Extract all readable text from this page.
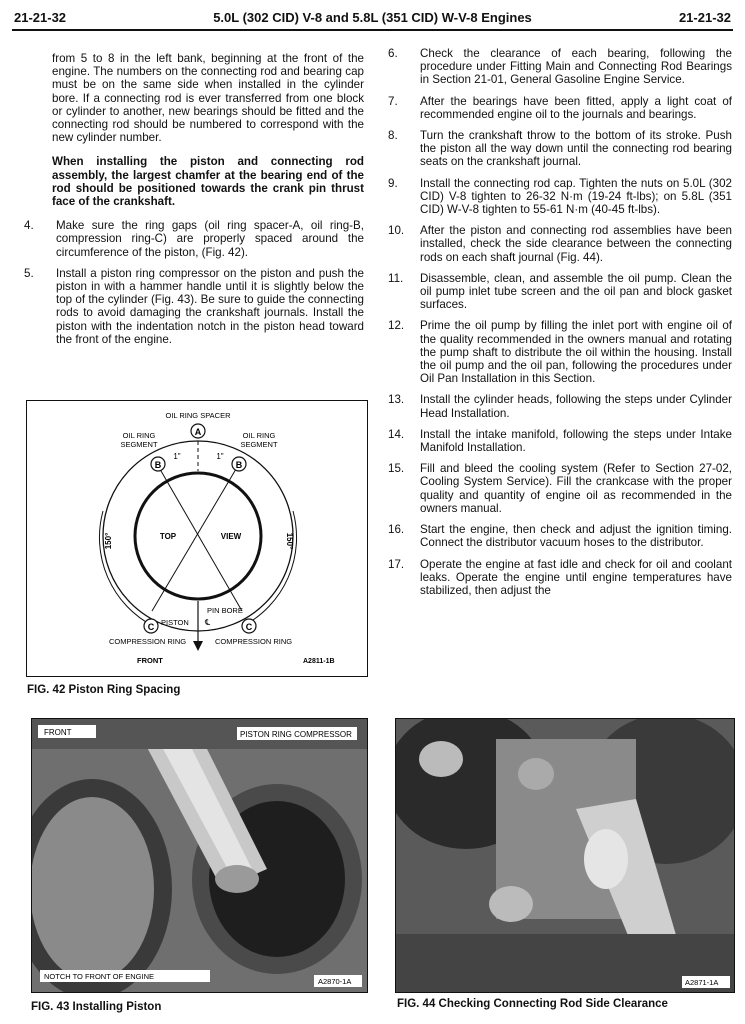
21-21-32	5.0L (302 CID) V-8 and 5.8L (351 CID) W-V-8 Engines	21-21-32

from 5 to 8 in the left bank, beginning at the front of the engine. The numbers on the connecting rod and bearing cap must be on the same side when installed in the cylinder bore. If a connecting rod is ever transferred from one block or cylinder to another, new bearings should be fitted and the connecting rod should be numbered to correspond with the new cylinder number.

When installing the piston and connecting rod assembly, the largest chamfer at the bearing end of the rod should be positioned towards the crank pin thrust face of the crankshaft.

4.	Make sure the ring gaps (oil ring spacer-A, oil ring-B, compression ring-C) are properly spaced around the circumference of the piston, (Fig. 42).
5.	Install a piston ring compressor on the piston and push the piston in with a hammer handle until it is slightly below the top of the cylinder (Fig. 43). Be sure to guide the connecting rods to avoid damaging the crankshaft journals. Install the piston with the indentation notch in the piston head toward the front of the engine.
6.	Check the clearance of each bearing, following the procedure under Fitting Main and Connecting Rod Bearings in Section 21-01, General Gasoline Engine Service.
7.	After the bearings have been fitted, apply a light coat of recommended engine oil to the journals and bearings.
8.	Turn the crankshaft throw to the bottom of its stroke. Push the piston all the way down until the connecting rod bearing seats on the crankshaft journal.
9.	Install the connecting rod cap. Tighten the nuts on 5.0L (302 CID) V-8 tighten to 26-32 N·m (19-24 ft-lbs); on 5.8L (351 CID) W-V-8 tighten to 55-61 N·m (40-45 ft-lbs).
10.	After the piston and connecting rod assemblies have been installed, check the side clearance between the connecting rods on each shaft journal (Fig. 44).
11.	Disassemble, clean, and assemble the oil pump. Clean the oil pump inlet tube screen and the oil pan and block gasket surfaces.
12.	Prime the oil pump by filling the inlet port with engine oil of the quality recommended in the owners manual and rotating the pump shaft to distribute the oil within the housing. Install the oil pump and the oil pan, following the procedures under Oil Pan Installation in this Section.
13.	Install the cylinder heads, following the steps under Cylinder Head Installation.
14.	Install the intake manifold, following the steps under Intake Manifold Installation.
15.	Fill and bleed the cooling system (Refer to Section 27-02, Cooling System Service). Fill the crankcase with the proper quality and quantity of engine oil as recommended in the owners manual.
16.	Start the engine, then check and adjust the ignition timing. Connect the distributor vacuum hoses to the distributor.
17.	Operate the engine at fast idle and check for oil and coolant leaks. Operate the engine until engine temperatures have stabilized, then adjust the
A
B	B
C	C
OIL RING SPACER
OIL RING
SEGMENT
OIL RING
SEGMENT
1"	1"
TOP	VIEW
150°	150°
PIN BORE
PISTON ℄
COMPRESSION RING	COMPRESSION RING
FRONT	A2811-1B
FIG. 42 Piston Ring Spacing
FRONT	PISTON RING COMPRESSOR
NOTCH TO FRONT OF ENGINE
A2870-1A
FIG. 43 Installing Piston
A2871-1A
FIG. 44 Checking Connecting Rod Side Clearance
